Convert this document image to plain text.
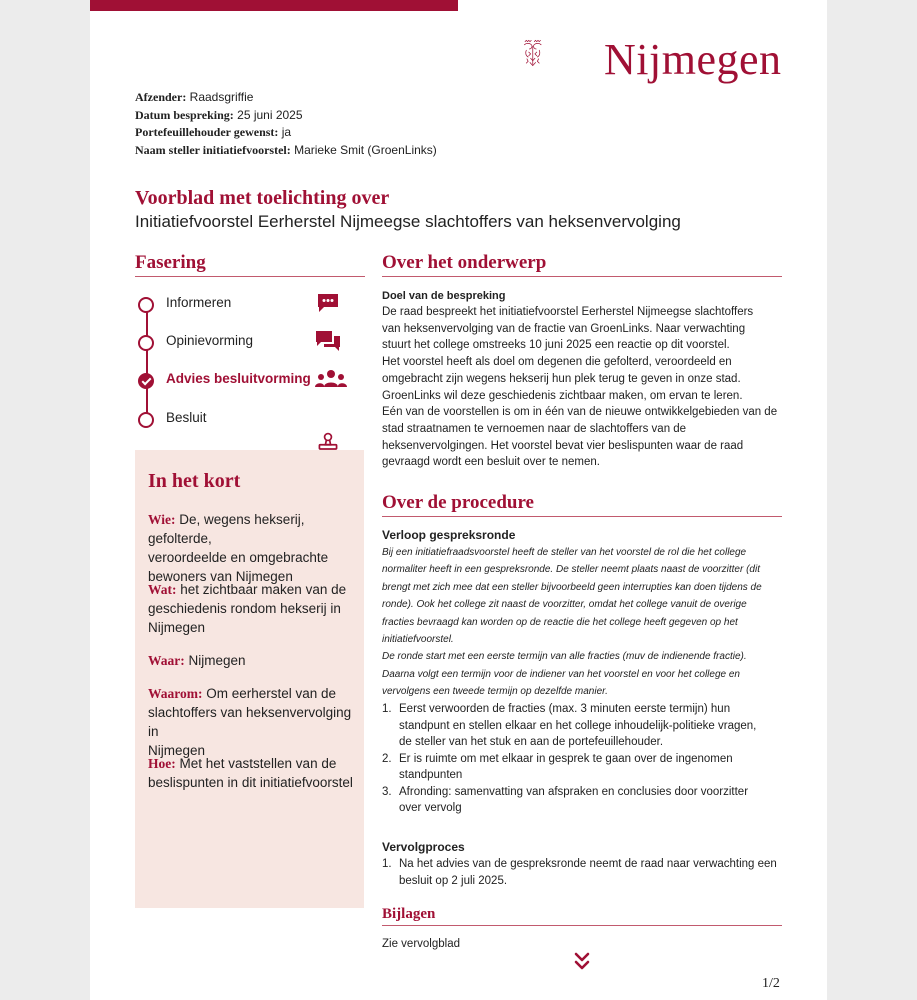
Nijmegen
Afzender: Raadsgriffie
Datum bespreking: 25 juni 2025
Portefeuillehouder gewenst: ja
Naam steller initiatiefvoorstel: Marieke Smit (GroenLinks)
Voorblad met toelichting over
Initiatiefvoorstel Eerherstel Nijmeegse slachtoffers van heksenvervolging
Fasering
Informeren
Opinievorming
Advies besluitvorming
Besluit
In het kort
Wie: De, wegens hekserij, gefolterde,
veroordeelde en omgebrachte
bewoners van Nijmegen
Wat: het zichtbaar maken van de
geschiedenis rondom hekserij in
Nijmegen
Waar: Nijmegen
Waarom: Om eerherstel van de
slachtoffers van heksenvervolging in
Nijmegen
Hoe: Met het vaststellen van de
beslispunten in dit initiatiefvoorstel
Over het onderwerp
Doel van de bespreking
De raad bespreekt het initiatiefvoorstel Eerherstel Nijmeegse slachtoffers
van heksenvervolging van de fractie van GroenLinks. Naar verwachting
stuurt het college omstreeks 10 juni 2025 een reactie op dit voorstel.
Het voorstel heeft als doel om degenen die gefolterd, veroordeeld en
omgebracht zijn wegens hekserij hun plek terug te geven in onze stad.
GroenLinks wil deze geschiedenis zichtbaar maken, om ervan te leren.
Eén van de voorstellen is om in één van de nieuwe ontwikkelgebieden van de
stad straatnamen te vernoemen naar de slachtoffers van de
heksenvervolgingen. Het voorstel bevat vier beslispunten waar de raad
gevraagd wordt een besluit over te nemen.
Over de procedure
Verloop gespreksronde
Bij een initiatiefraadsvoorstel heeft de steller van het voorstel de rol die het college
normaliter heeft in een gespreksronde. De steller neemt plaats naast de voorzitter (dit
brengt met zich mee dat een steller bijvoorbeeld geen interrupties kan doen tijdens de
ronde). Ook het college zit naast de voorzitter, omdat het college vanuit de overige
fracties bevraagd kan worden op de reactie die het college heeft gegeven op het
initiatiefvoorstel.
De ronde start met een eerste termijn van alle fracties (muv de indienende fractie).
Daarna volgt een termijn voor de indiener van het voorstel en voor het college en
vervolgens een tweede termijn op dezelfde manier.
1. Eerst verwoorden de fracties (max. 3 minuten eerste termijn) hun
standpunt en stellen elkaar en het college inhoudelijk-politieke vragen,
de steller van het stuk en aan de portefeuillehouder.
2. Er is ruimte om met elkaar in gesprek te gaan over de ingenomen
standpunten
3. Afronding: samenvatting van afspraken en conclusies door voorzitter
over vervolg
Vervolgproces
1. Na het advies van de gespreksronde neemt de raad naar verwachting een
besluit op 2 juli 2025.
Bijlagen
Zie vervolgblad
1/2
